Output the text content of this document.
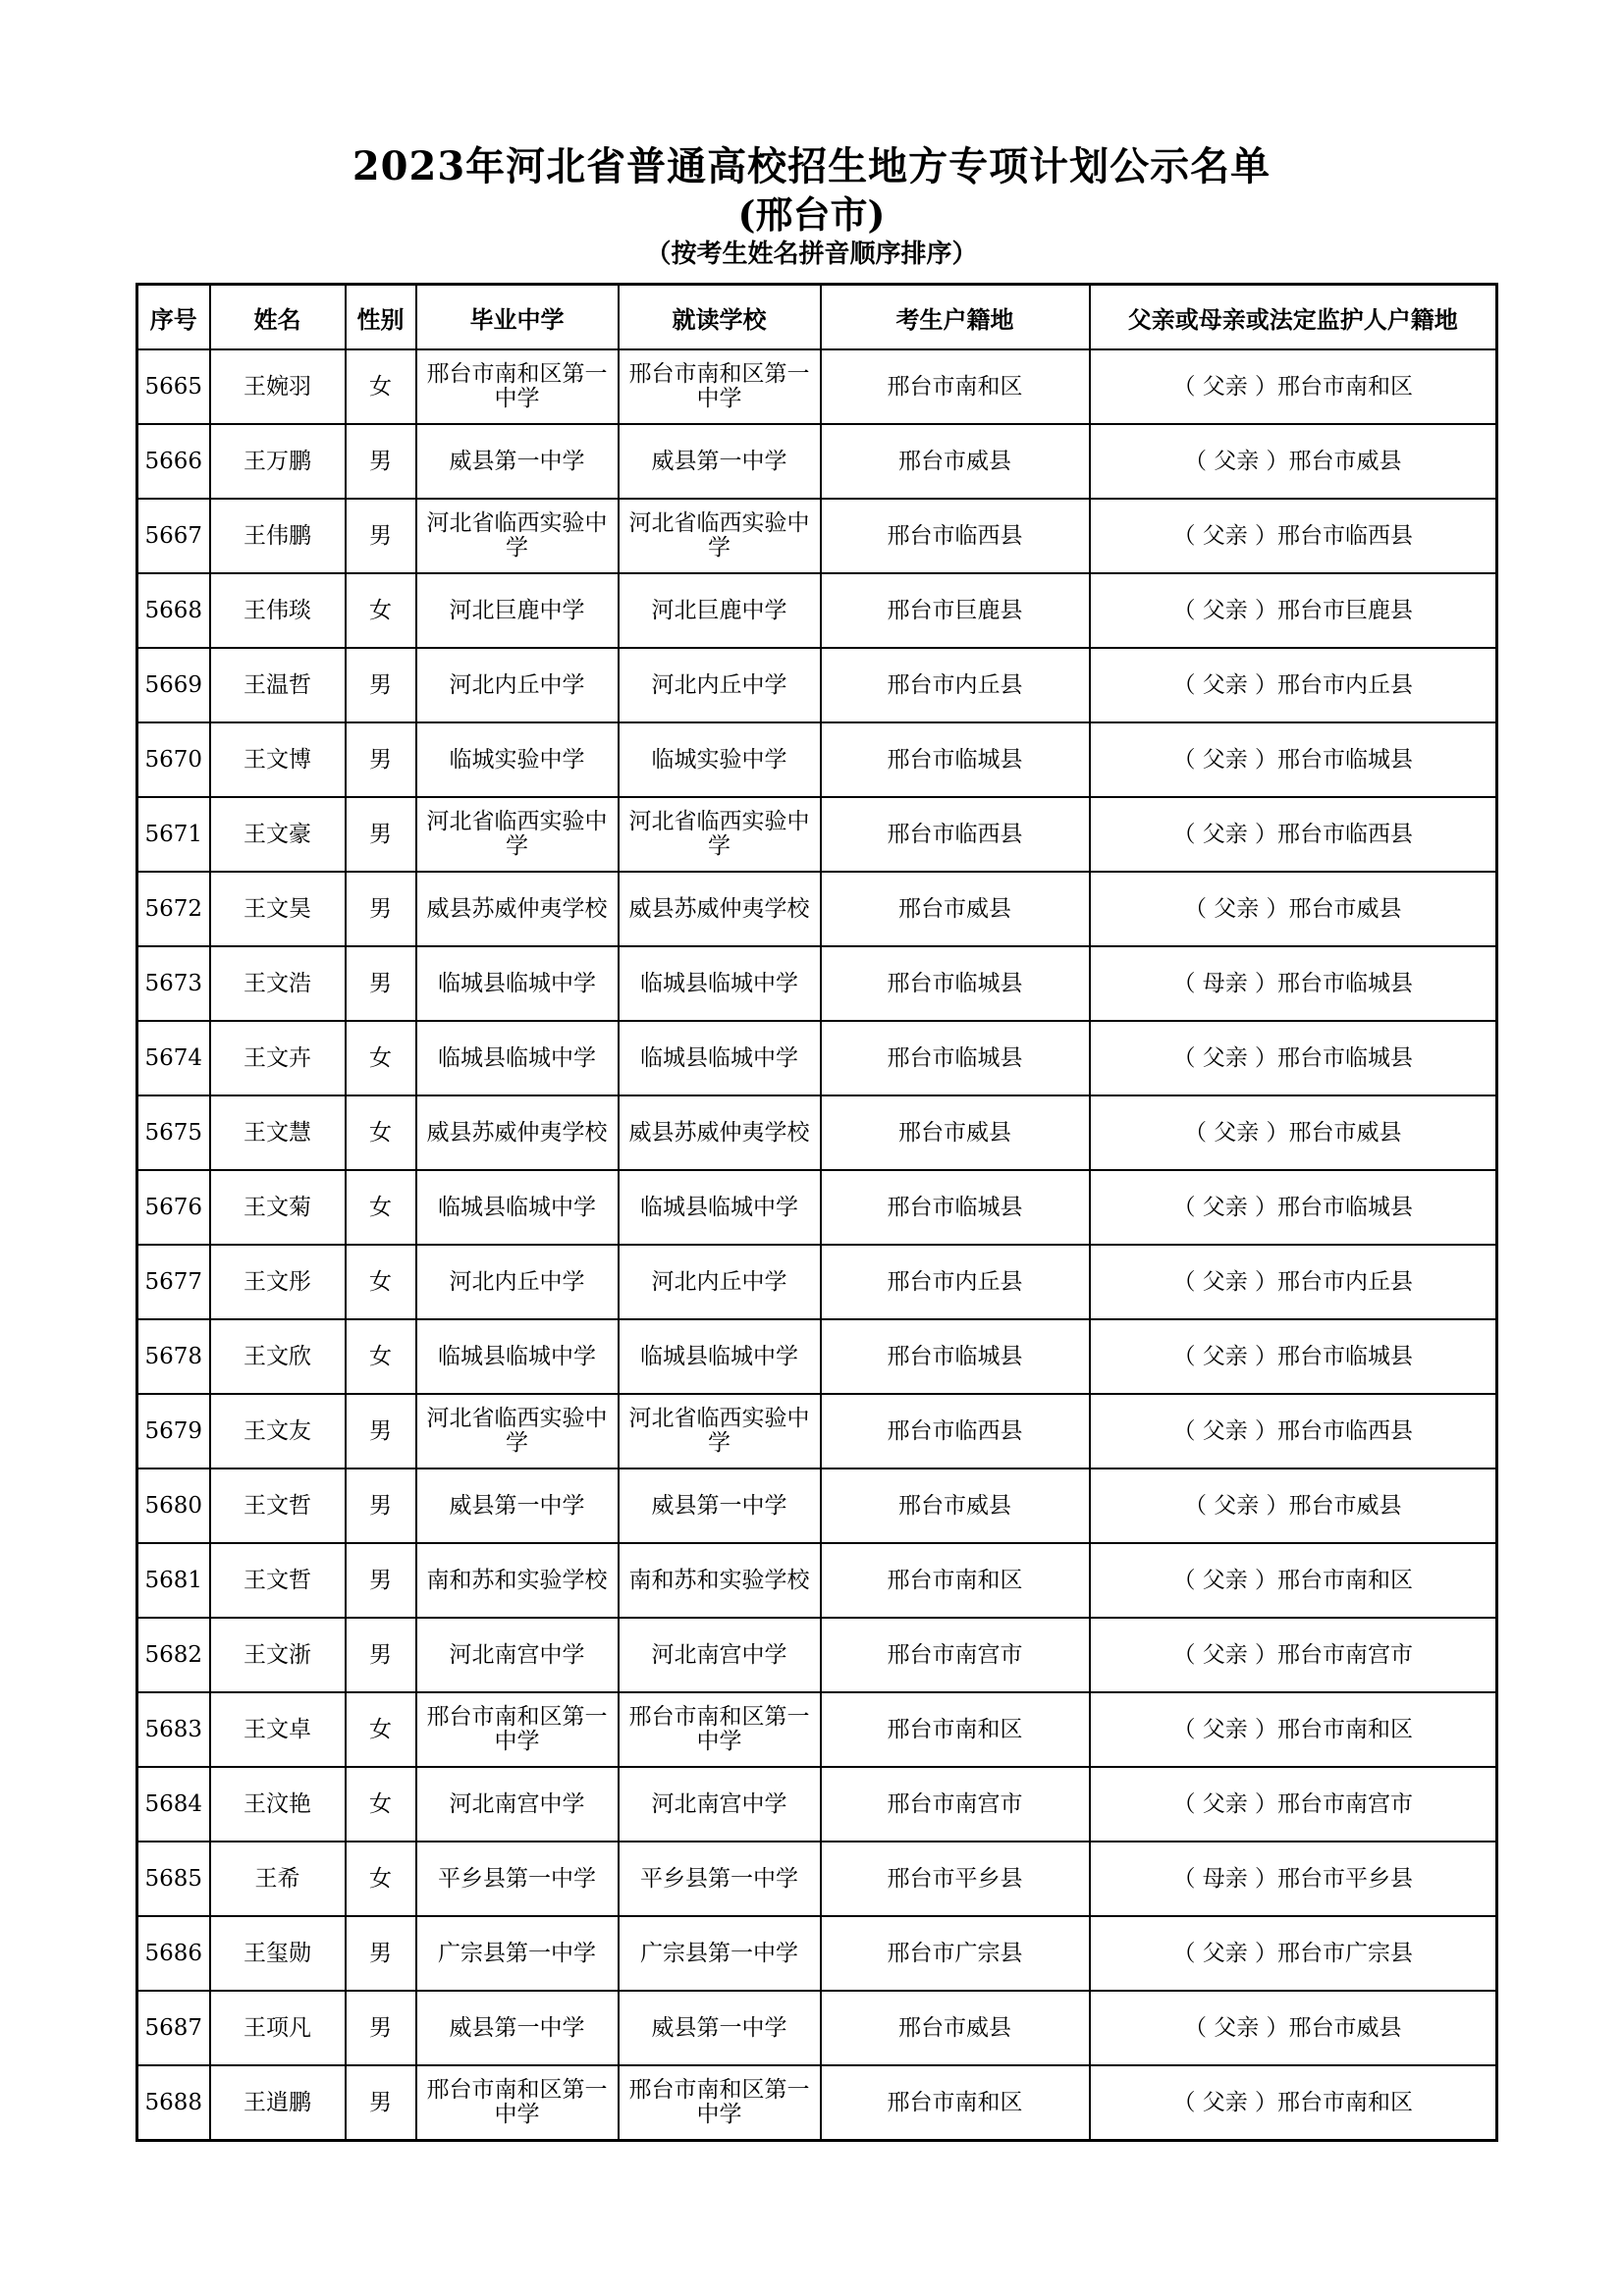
2023年河北省普通高校招生地方专项计划公示名单
(邢台市)
（按考生姓名拼音顺序排序）
序号	姓名	性别	毕业中学	就读学校	考生户籍地	父亲或母亲或法定监护人户籍地
5665	王婉羽	女	邢台市南和区第一中学	邢台市南和区第一中学	邢台市南和区	（ 父亲 ）邢台市南和区
5666	王万鹏	男	威县第一中学	威县第一中学	邢台市威县	（ 父亲 ）邢台市威县
5667	王伟鹏	男	河北省临西实验中学	河北省临西实验中学	邢台市临西县	（ 父亲 ）邢台市临西县
5668	王伟琰	女	河北巨鹿中学	河北巨鹿中学	邢台市巨鹿县	（ 父亲 ）邢台市巨鹿县
5669	王温哲	男	河北内丘中学	河北内丘中学	邢台市内丘县	（ 父亲 ）邢台市内丘县
5670	王文博	男	临城实验中学	临城实验中学	邢台市临城县	（ 父亲 ）邢台市临城县
5671	王文豪	男	河北省临西实验中学	河北省临西实验中学	邢台市临西县	（ 父亲 ）邢台市临西县
5672	王文昊	男	威县苏威仲夷学校	威县苏威仲夷学校	邢台市威县	（ 父亲 ）邢台市威县
5673	王文浩	男	临城县临城中学	临城县临城中学	邢台市临城县	（ 母亲 ）邢台市临城县
5674	王文卉	女	临城县临城中学	临城县临城中学	邢台市临城县	（ 父亲 ）邢台市临城县
5675	王文慧	女	威县苏威仲夷学校	威县苏威仲夷学校	邢台市威县	（ 父亲 ）邢台市威县
5676	王文菊	女	临城县临城中学	临城县临城中学	邢台市临城县	（ 父亲 ）邢台市临城县
5677	王文彤	女	河北内丘中学	河北内丘中学	邢台市内丘县	（ 父亲 ）邢台市内丘县
5678	王文欣	女	临城县临城中学	临城县临城中学	邢台市临城县	（ 父亲 ）邢台市临城县
5679	王文友	男	河北省临西实验中学	河北省临西实验中学	邢台市临西县	（ 父亲 ）邢台市临西县
5680	王文哲	男	威县第一中学	威县第一中学	邢台市威县	（ 父亲 ）邢台市威县
5681	王文哲	男	南和苏和实验学校	南和苏和实验学校	邢台市南和区	（ 父亲 ）邢台市南和区
5682	王文浙	男	河北南宫中学	河北南宫中学	邢台市南宫市	（ 父亲 ）邢台市南宫市
5683	王文卓	女	邢台市南和区第一中学	邢台市南和区第一中学	邢台市南和区	（ 父亲 ）邢台市南和区
5684	王汶艳	女	河北南宫中学	河北南宫中学	邢台市南宫市	（ 父亲 ）邢台市南宫市
5685	王希	女	平乡县第一中学	平乡县第一中学	邢台市平乡县	（ 母亲 ）邢台市平乡县
5686	王玺勋	男	广宗县第一中学	广宗县第一中学	邢台市广宗县	（ 父亲 ）邢台市广宗县
5687	王项凡	男	威县第一中学	威县第一中学	邢台市威县	（ 父亲 ）邢台市威县
5688	王逍鹏	男	邢台市南和区第一中学	邢台市南和区第一中学	邢台市南和区	（ 父亲 ）邢台市南和区
